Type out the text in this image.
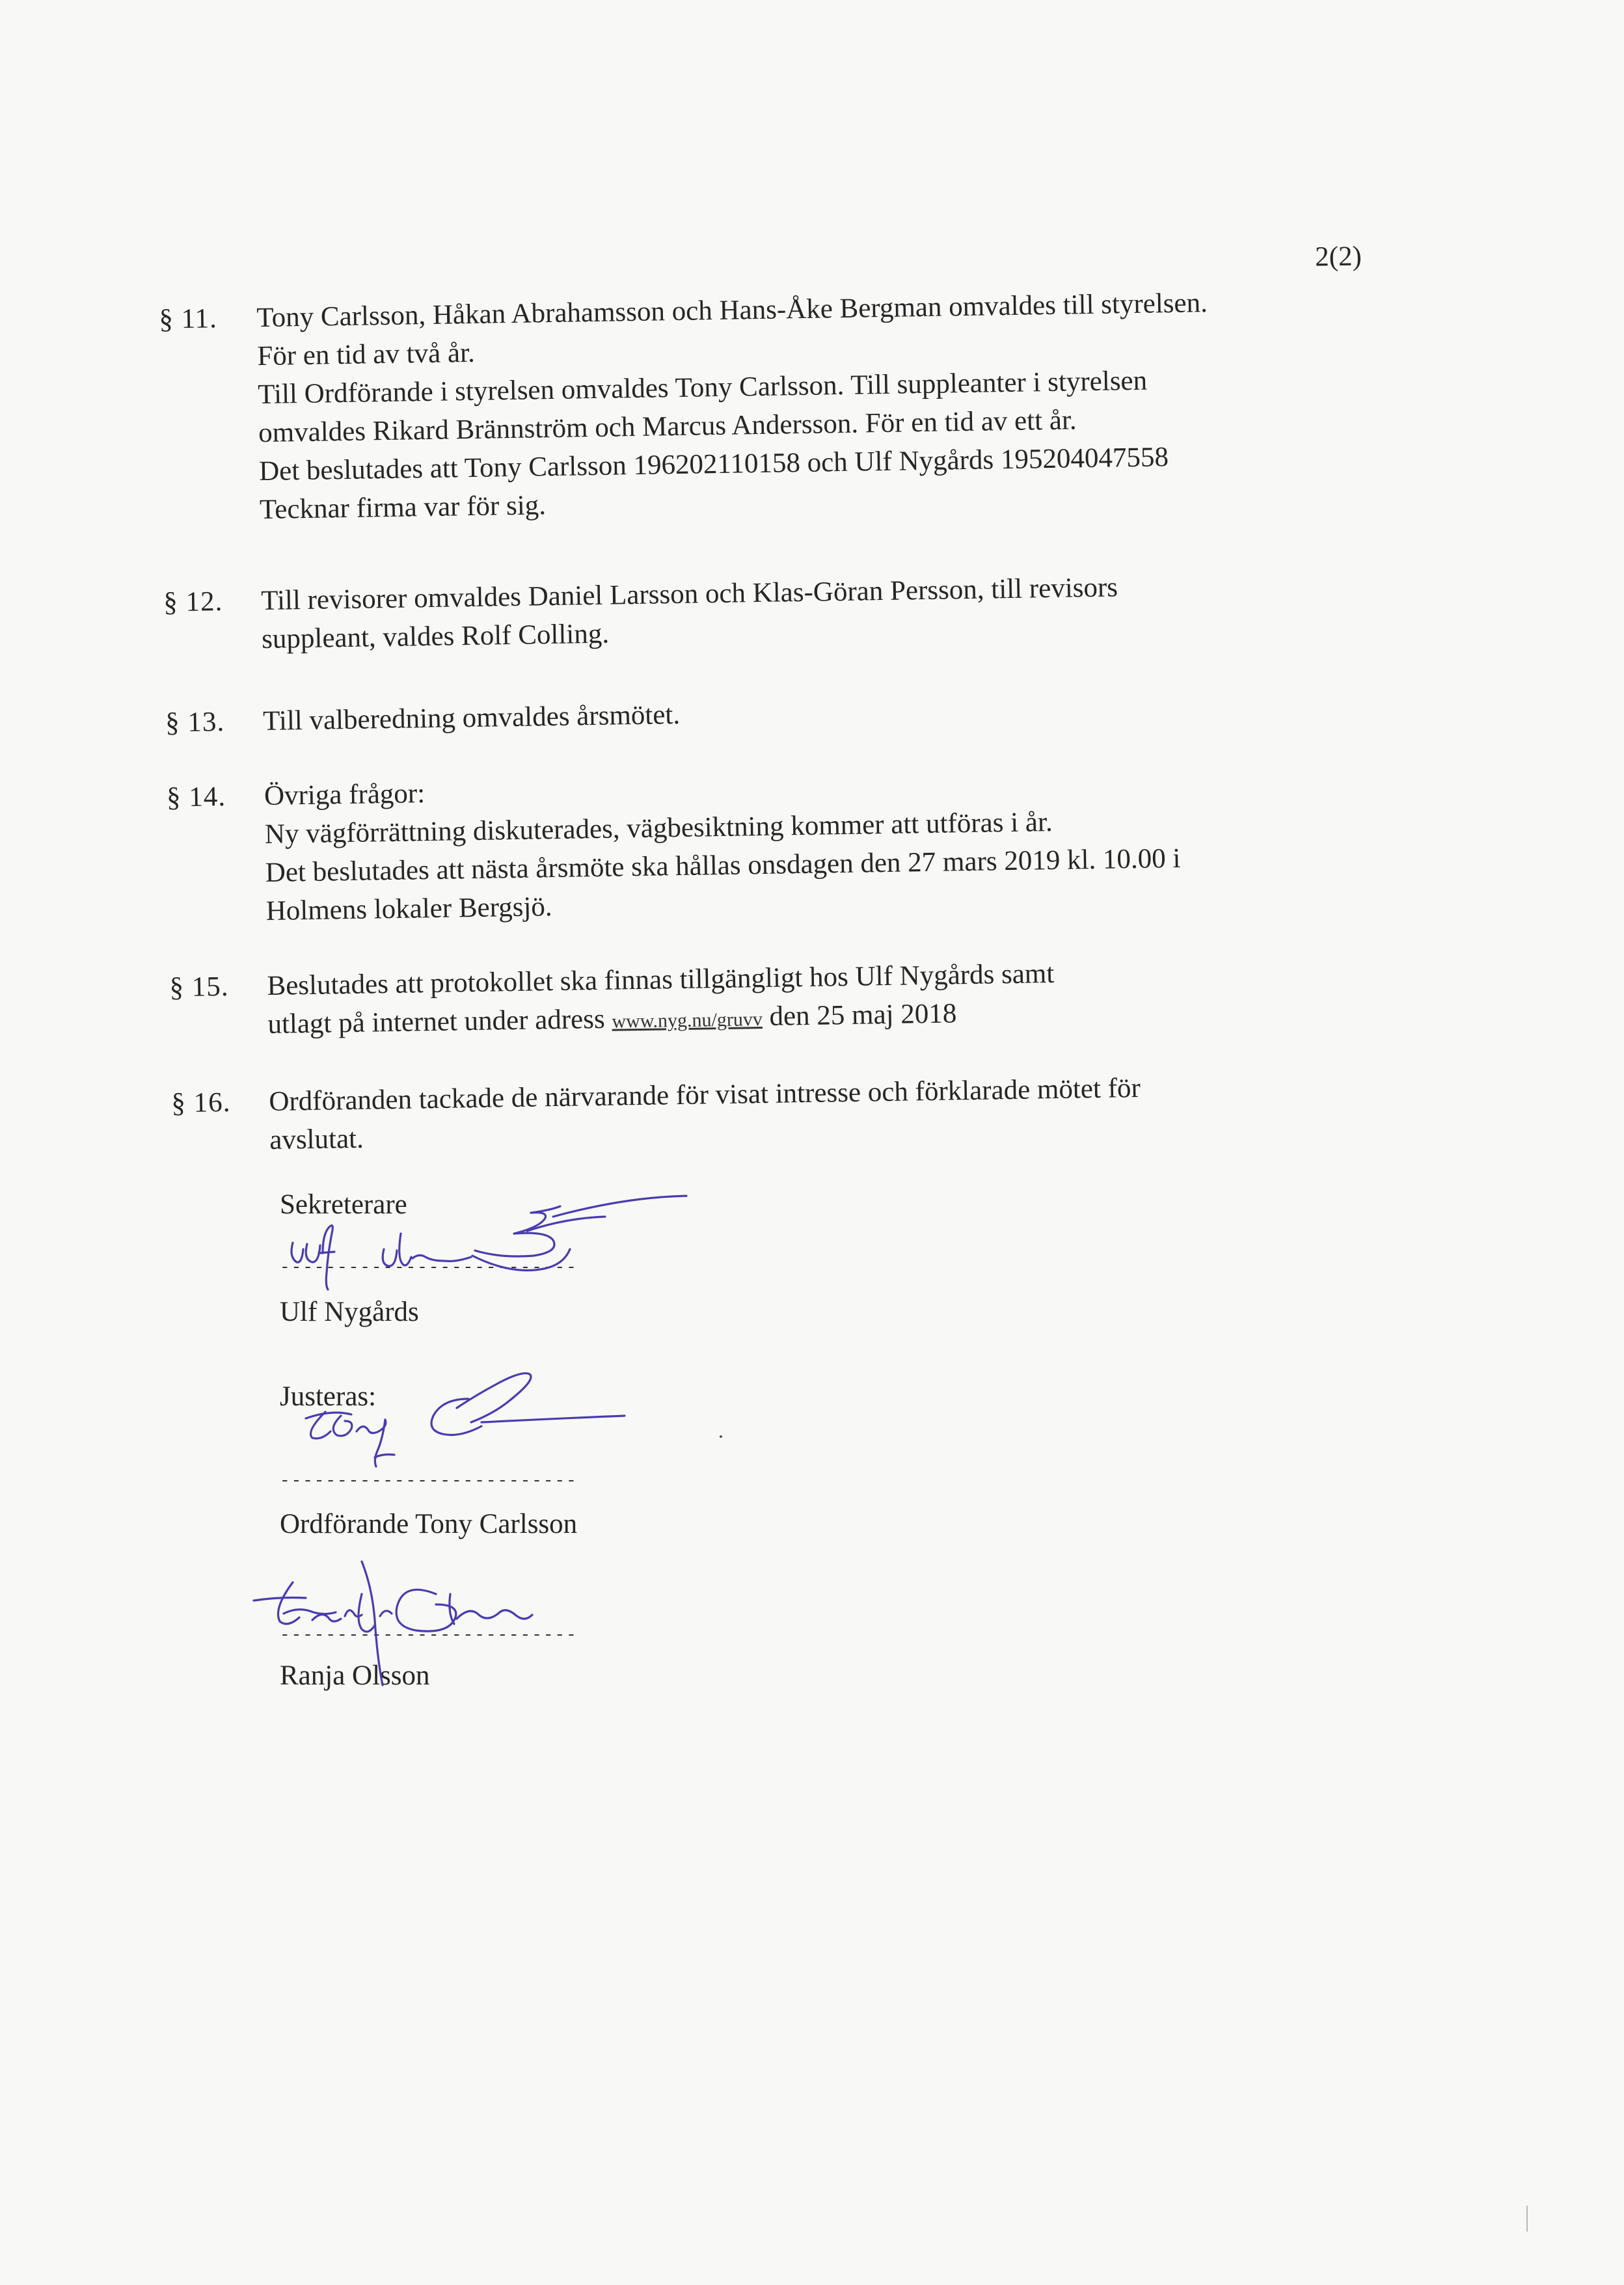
2(2)
§ 11.	Tony Carlsson, Håkan Abrahamsson och Hans-Åke Bergman omvaldes till styrelsen.
För en tid av två år.
Till Ordförande i styrelsen omvaldes Tony Carlsson. Till suppleanter i styrelsen
omvaldes Rikard Brännström och Marcus Andersson. För en tid av ett år.
Det beslutades att Tony Carlsson 196202110158 och Ulf Nygårds 195204047558
Tecknar firma var för sig.
§ 12.	Till revisorer omvaldes Daniel Larsson och Klas-Göran Persson, till revisors
suppleant, valdes Rolf Colling.
§ 13.	Till valberedning omvaldes årsmötet.
§ 14.	Övriga frågor:
Ny vägförrättning diskuterades, vägbesiktning kommer att utföras i år.
Det beslutades att nästa årsmöte ska hållas onsdagen den 27 mars 2019 kl. 10.00 i
Holmens lokaler Bergsjö.
§ 15.	Beslutades att protokollet ska finnas tillgängligt hos Ulf Nygårds samt
utlagt på internet under adress www.nyg.nu/gruvv den 25 maj 2018
§ 16.	Ordföranden tackade de närvarande för visat intresse och förklarade mötet för
avslutat.
Sekreterare
--------------------------
Ulf Nygårds
Justeras:
--------------------------
Ordförande Tony Carlsson
--------------------------
Ranja Olsson
